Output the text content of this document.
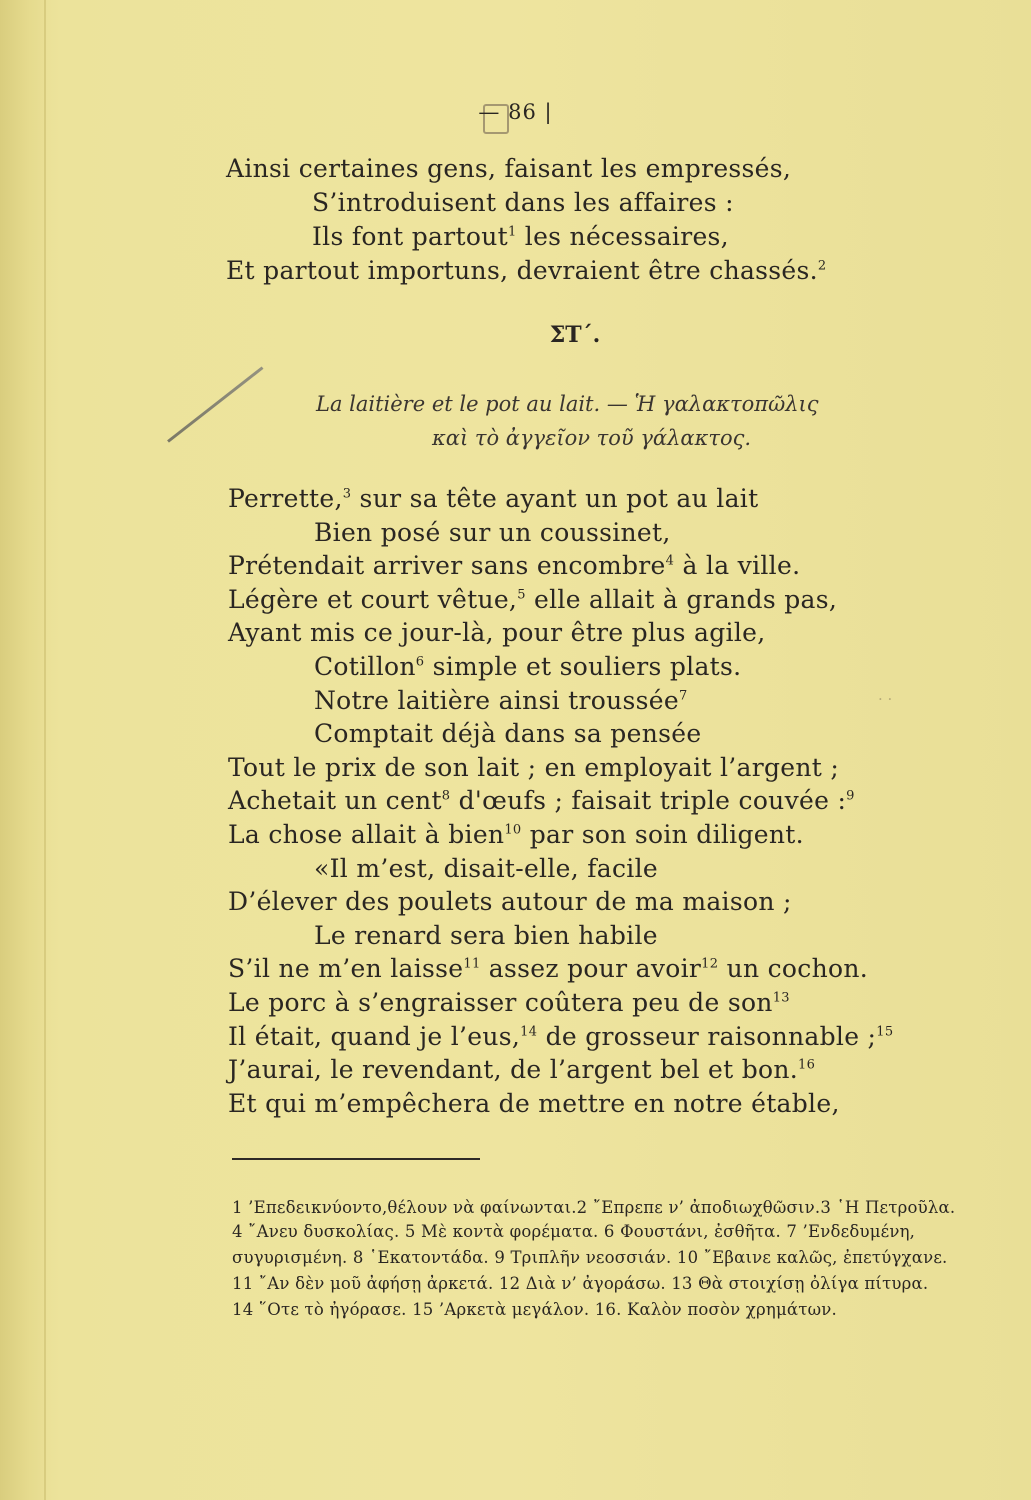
— 86 |
Ainsi certaines gens, faisant les empressés,
S’introduisent dans les affaires :
Ils font partout$^1$ les nécessaires,
Et partout importuns, devraient être chassés.$^2$
ΣΤ΄.
La laitière et le pot au lait. — Ἡ γαλακτοπῶλις
καὶ τὸ ἀγγεῖον τοῦ γάλακτος.
Perrette,$^3$ sur sa tête ayant un pot au lait
Bien posé sur un coussinet,
Prétendait arriver sans encombre$^4$ à la ville.
Légère et court vêtue,$^5$ elle allait à grands pas,
Ayant mis ce jour-là, pour être plus agile,
Cotillon$^6$ simple et souliers plats.
Notre laitière ainsi troussée$^7$
Comptait déjà dans sa pensée
Tout le prix de son lait ; en employait l’argent ;
Achetait un cent$^8$ d'œufs ; faisait triple couvée :$^9$
La chose allait à bien$^{10}$ par son soin diligent.
«Il m’est, disait-elle, facile
D’élever des poulets autour de ma maison ;
Le renard sera bien habile
S’il ne m’en laisse$^{11}$ assez pour avoir$^{12}$ un cochon.
Le porc à s’engraisser coûtera peu de son$^{13}$
Il était, quand je l’eus,$^{14}$ de grosseur raisonnable ;$^{15}$
J’aurai, le revendant, de l’argent bel et bon.$^{16}$
Et qui m’empêchera de mettre en notre étable,
· ·
1 ’Επεδεικνύοντο,θέλουν νὰ φαίνωνται.2 ῎Επρεπε ν’ ἀποδιωχθῶσιν.3 ῾Η Πετροῦλα.
4 ῎Ανευ δυσκολίας. 5 Μὲ κοντὰ φορέματα. 6 Φουστάνι, ἐσθῆτα. 7 ’Ενδεδυμένη,
συγυρισμένη. 8 ῾Εκατοντάδα. 9 Τριπλῆν νεοσσιάν. 10 ῎Εβαινε καλῶς, ἐπετύγχανε.
11 ῎Αν δὲν μοῦ ἀφήσῃ ἀρκετά. 12 Διὰ ν’ ἀγοράσω. 13 Θὰ στοιχίσῃ ὀλίγα πίτυρα.
14 ῞Οτε τὸ ἠγόρασε. 15 ’Αρκετὰ μεγάλον. 16. Καλὸν ποσὸν χρημάτων.
